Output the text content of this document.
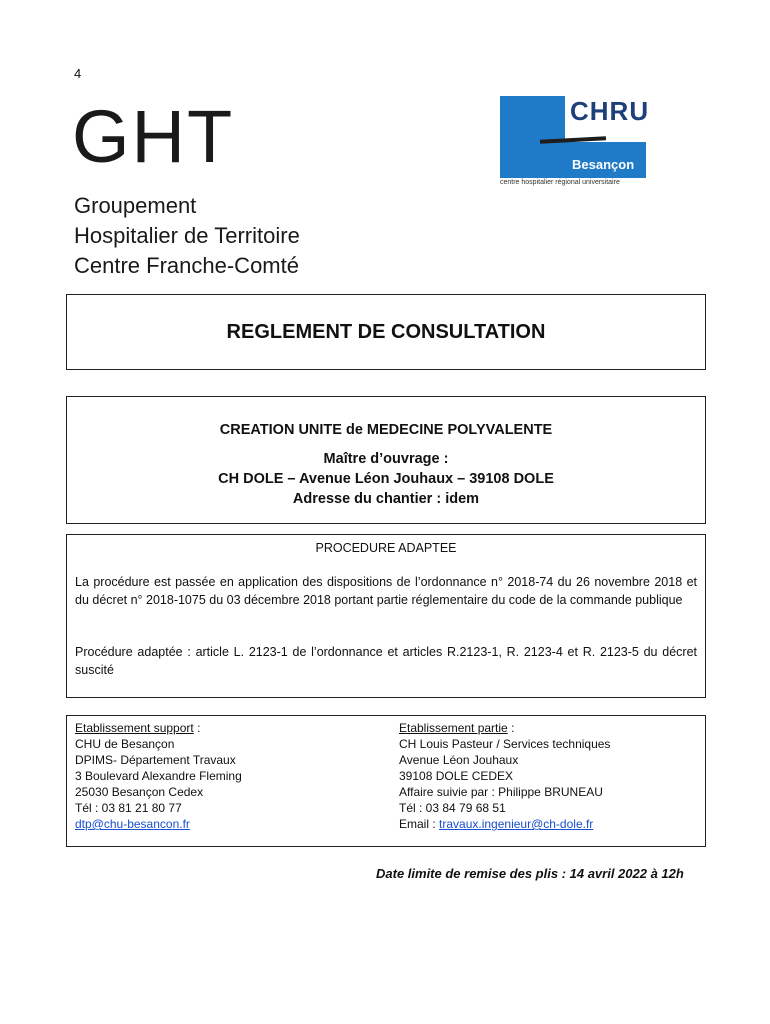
4
GHT
Groupement
Hospitalier de Territoire
Centre Franche-Comté
CHRU
Besançon
centre hospitalier régional universitaire
REGLEMENT DE CONSULTATION
CREATION UNITE de MEDECINE POLYVALENTE
Maître d’ouvrage :
CH DOLE – Avenue Léon Jouhaux – 39108 DOLE
Adresse du chantier : idem
PROCEDURE ADAPTEE
La procédure est passée en application des dispositions de l’ordonnance n° 2018-74 du 26 novembre 2018 et du décret n° 2018-1075 du 03 décembre 2018 portant partie réglementaire du code de la commande publique
Procédure adaptée : article L. 2123-1 de l’ordonnance et articles R.2123-1, R. 2123-4 et R. 2123-5 du décret suscité
Etablissement support :
CHU de Besançon
DPIMS- Département Travaux
3 Boulevard Alexandre Fleming
25030 Besançon Cedex
Tél : 03 81 21 80 77
dtp@chu-besancon.fr
Etablissement partie :
CH Louis Pasteur / Services techniques
Avenue Léon Jouhaux
39108 DOLE CEDEX
Affaire suivie par : Philippe BRUNEAU
Tél : 03 84 79 68 51
Email : travaux.ingenieur@ch-dole.fr
Date limite de remise des plis : 14 avril 2022 à 12h
